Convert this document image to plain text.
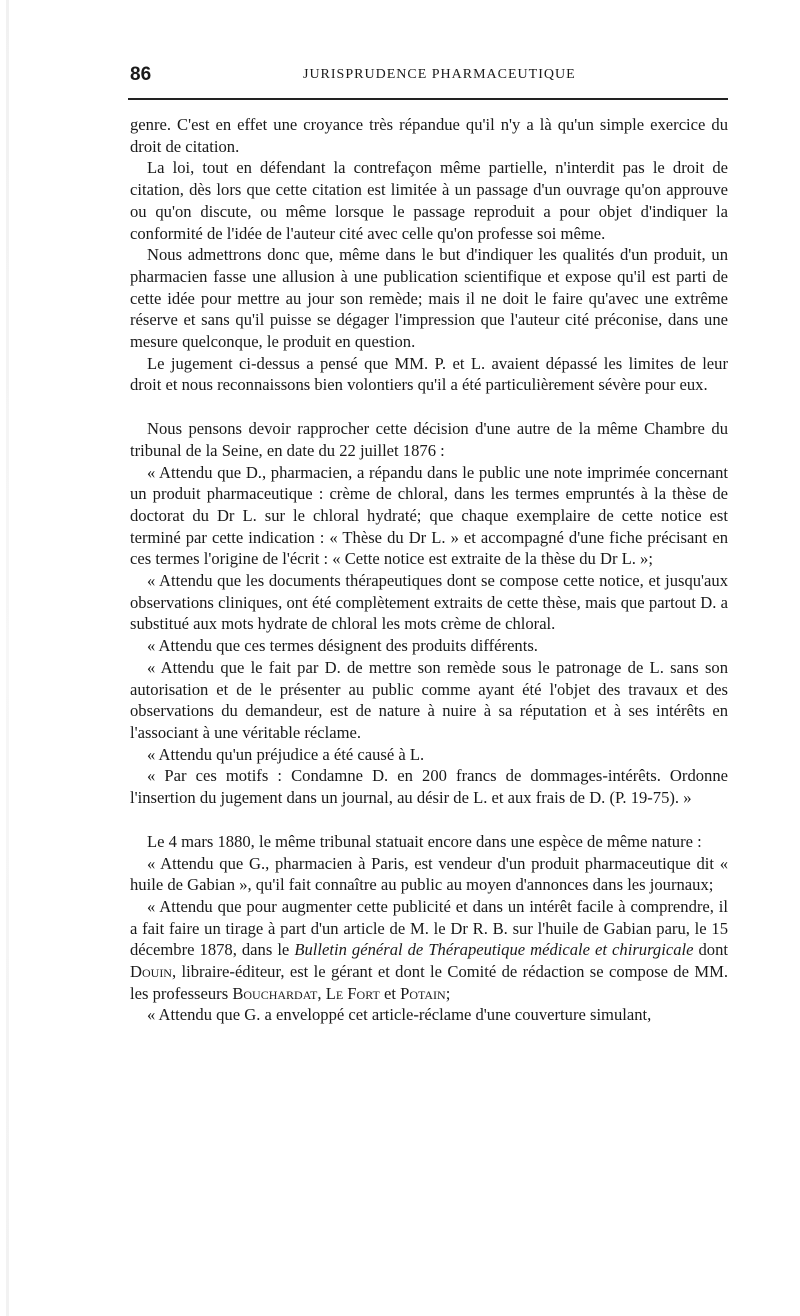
86	JURISPRUDENCE PHARMACEUTIQUE

genre. C'est en effet une croyance très répandue qu'il n'y a là qu'un simple exercice du droit de citation.

La loi, tout en défendant la contrefaçon même partielle, n'interdit pas le droit de citation, dès lors que cette citation est limitée à un passage d'un ouvrage qu'on approuve ou qu'on discute, ou même lorsque le passage reproduit a pour objet d'indiquer la conformité de l'idée de l'auteur cité avec celle qu'on professe soi même.

Nous admettrons donc que, même dans le but d'indiquer les qualités d'un produit, un pharmacien fasse une allusion à une publication scientifique et expose qu'il est parti de cette idée pour mettre au jour son remède; mais il ne doit le faire qu'avec une extrême réserve et sans qu'il puisse se dégager l'impression que l'auteur cité préconise, dans une mesure quelconque, le produit en question.

Le jugement ci-dessus a pensé que MM. P. et L. avaient dépassé les limites de leur droit et nous reconnaissons bien volontiers qu'il a été particulièrement sévère pour eux.

Nous pensons devoir rapprocher cette décision d'une autre de la même Chambre du tribunal de la Seine, en date du 22 juillet 1876 :

« Attendu que D., pharmacien, a répandu dans le public une note imprimée concernant un produit pharmaceutique : crème de chloral, dans les termes empruntés à la thèse de doctorat du Dr L. sur le chloral hydraté; que chaque exemplaire de cette notice est terminé par cette indication : « Thèse du Dr L. » et accompagné d'une fiche précisant en ces termes l'origine de l'écrit : « Cette notice est extraite de la thèse du Dr L. »;

« Attendu que les documents thérapeutiques dont se compose cette notice, et jusqu'aux observations cliniques, ont été complètement extraits de cette thèse, mais que partout D. a substitué aux mots hydrate de chloral les mots crème de chloral.

« Attendu que ces termes désignent des produits différents.

« Attendu que le fait par D. de mettre son remède sous le patronage de L. sans son autorisation et de le présenter au public comme ayant été l'objet des travaux et des observations du demandeur, est de nature à nuire à sa réputation et à ses intérêts en l'associant à une véritable réclame.

« Attendu qu'un préjudice a été causé à L.

« Par ces motifs : Condamne D. en 200 francs de dommages-intérêts. Ordonne l'insertion du jugement dans un journal, au désir de L. et aux frais de D. (P. 19-75). »

Le 4 mars 1880, le même tribunal statuait encore dans une espèce de même nature :

« Attendu que G., pharmacien à Paris, est vendeur d'un produit pharmaceutique dit « huile de Gabian », qu'il fait connaître au public au moyen d'annonces dans les journaux;

« Attendu que pour augmenter cette publicité et dans un intérêt facile à comprendre, il a fait faire un tirage à part d'un article de M. le Dr R. B. sur l'huile de Gabian paru, le 15 décembre 1878, dans le Bulletin général de Thérapeutique médicale et chirurgicale dont Douin, libraire-éditeur, est le gérant et dont le Comité de rédaction se compose de MM. les professeurs Bouchardat, Le Fort et Potain;

« Attendu que G. a enveloppé cet article-réclame d'une couverture simulant,
